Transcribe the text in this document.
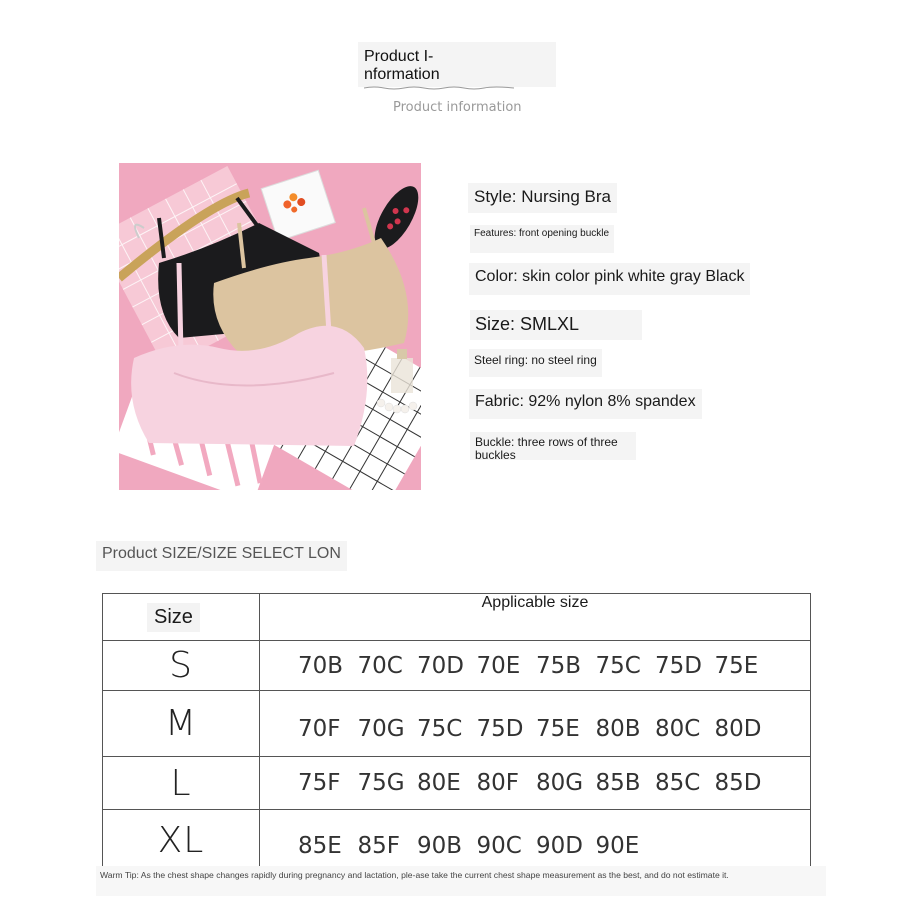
Product I-
nformation
Product information
Style: Nursing Bra
Features: front opening buckle
Color: skin color pink white gray Black
Size: SMLXL
Steel ring: no steel ring
Fabric: 92% nylon 8% spandex
Buckle: three rows of three buckles
Product SIZE/SIZE SELECT LON
Size	Applicable size
S	70B 70C 70D 70E 75B 75C 75D 75E
M	70F 70G 75C 75D 75E 80B 80C 80D
L	75F 75G 80E 80F 80G 85B 85C 85D
XL	85E 85F 90B 90C 90D 90E
Warm Tip: As the chest shape changes rapidly during pregnancy and lactation, ple-ase take the current chest shape measurement as the best, and do not estimate it.
